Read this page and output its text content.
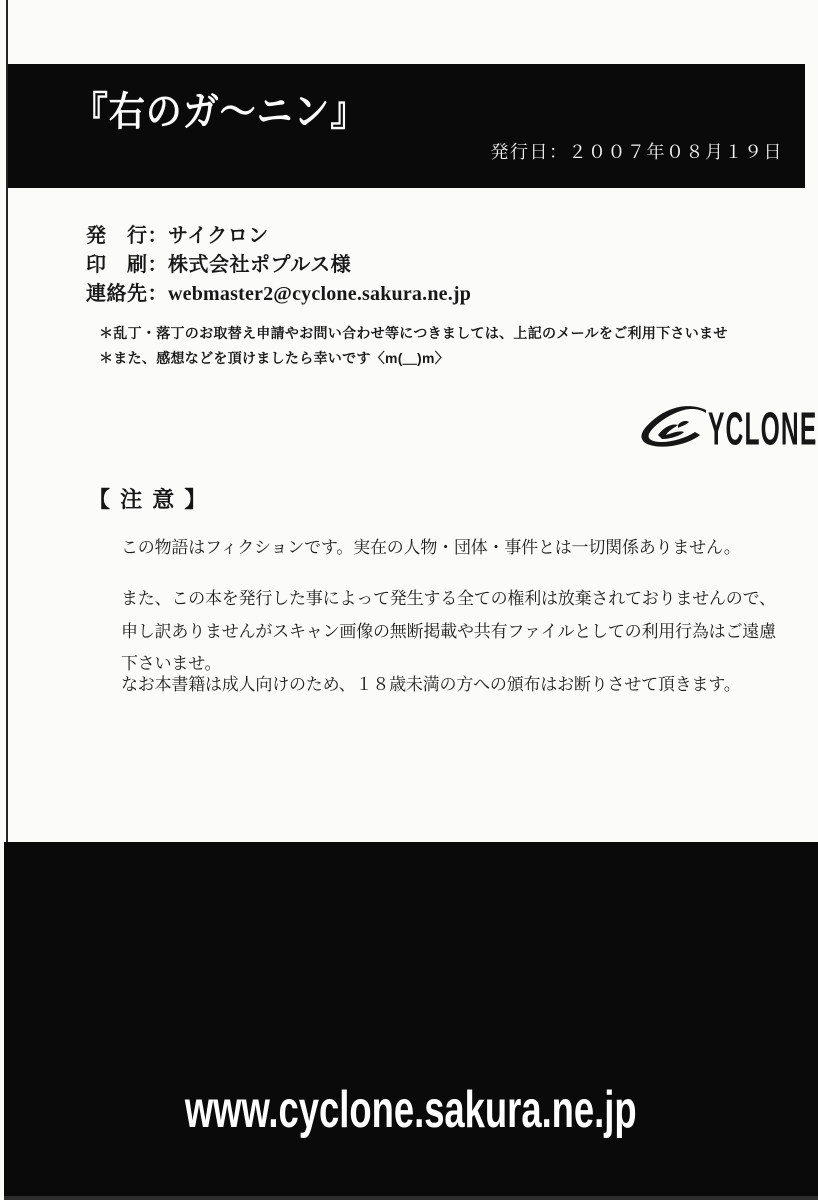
『右のガ～ニン』
発行日：２００７年０８月１９日
発　行：サイクロン
印　刷：株式会社ポプルス様
連絡先：webmaster2@cyclone.sakura.ne.jp
＊乱丁・落丁のお取替え申請やお問い合わせ等につきましては、上記のメールをご利用下さいませ
＊また、感想などを頂けましたら幸いです〈m(＿)m〉
YCLONE
【 注 意 】

この物語はフィクションです。実在の人物・団体・事件とは一切関係ありません。

また、この本を発行した事によって発生する全ての権利は放棄されておりませんので、申し訳ありませんがスキャン画像の無断掲載や共有ファイルとしての利用行為はご遠慮下さいませ。

なお本書籍は成人向けのため、１８歳未満の方への頒布はお断りさせて頂きます。

www.cyclone.sakura.ne.jp
